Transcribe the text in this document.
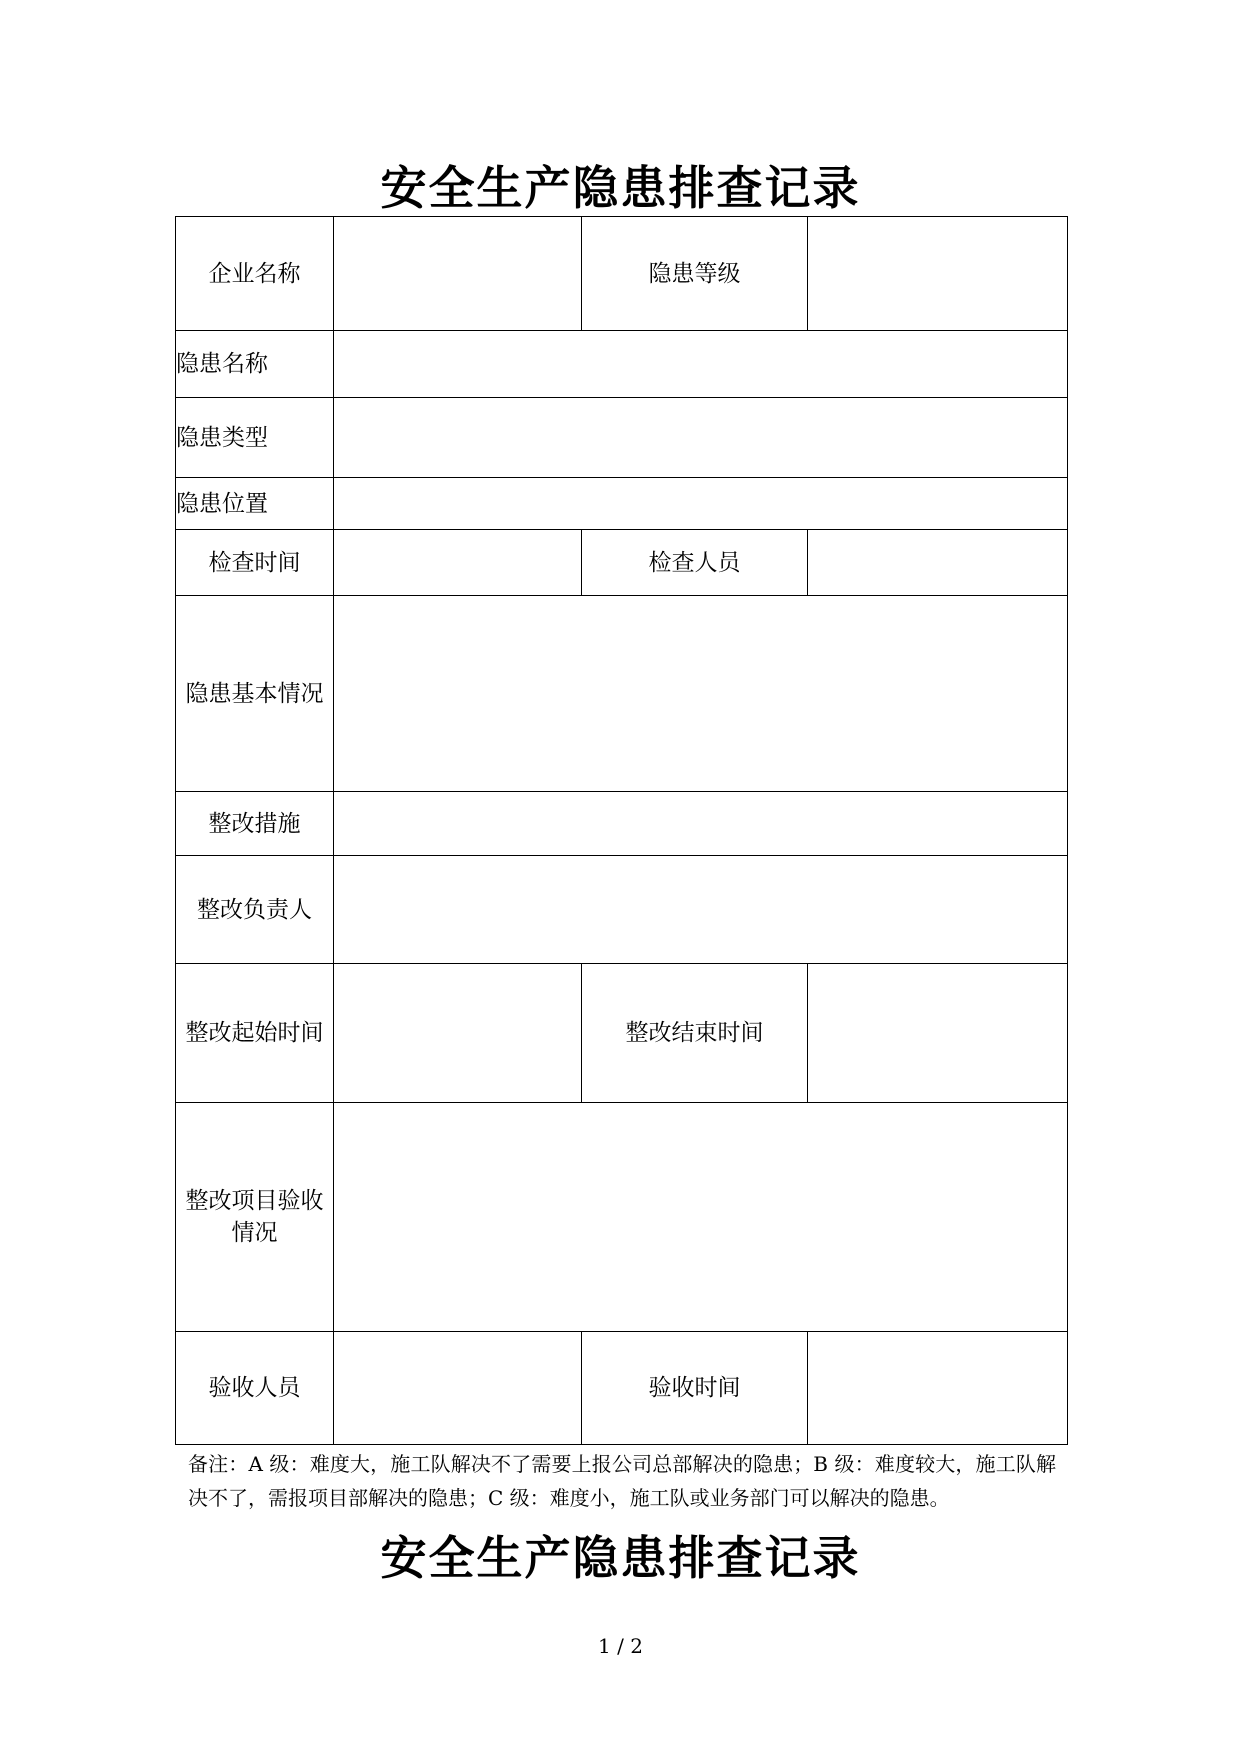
安全生产隐患排查记录
企业名称		隐患等级	
隐患名称			
隐患类型			
隐患位置			
检查时间		检查人员	
隐患基本情况			
整改措施			
整改负责人			
整改起始时间		整改结束时间	
整改项目验收情况			
验收人员		验收时间	
备注：A 级：难度大，施工队解决不了需要上报公司总部解决的隐患；B 级：难度较大，施工队解决不了，需报项目部解决的隐患；C 级：难度小，施工队或业务部门可以解决的隐患。
安全生产隐患排查记录
1 / 2
